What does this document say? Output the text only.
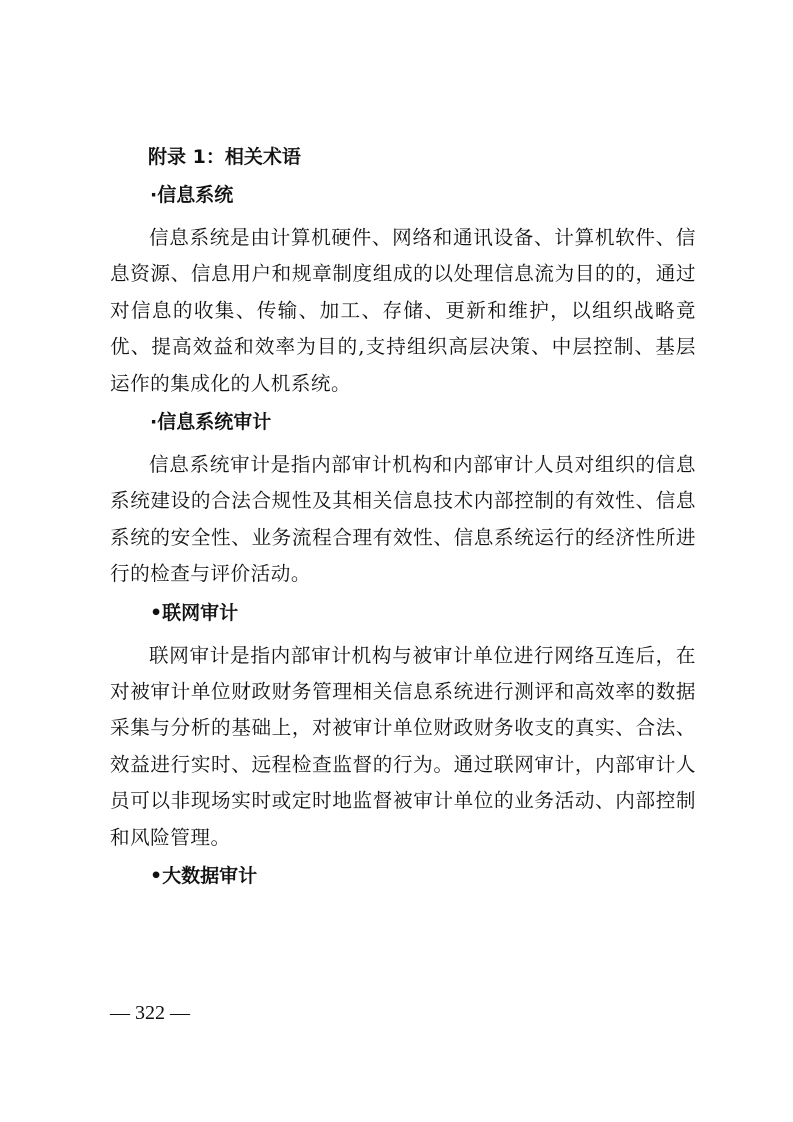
附录 1：相关术语
·信息系统

信息系统是由计算机硬件、网络和通讯设备、计算机软件、信息资源、信息用户和规章制度组成的以处理信息流为目的的，通过对信息的收集、传输、加工、存储、更新和维护，以组织战略竟优、提高效益和效率为目的,支持组织高层决策、中层控制、基层运作的集成化的人机系统。

·信息系统审计

信息系统审计是指内部审计机构和内部审计人员对组织的信息系统建设的合法合规性及其相关信息技术内部控制的有效性、信息系统的安全性、业务流程合理有效性、信息系统运行的经济性所进行的检查与评价活动。

•联网审计

联网审计是指内部审计机构与被审计单位进行网络互连后，在对被审计单位财政财务管理相关信息系统进行测评和高效率的数据采集与分析的基础上，对被审计单位财政财务收支的真实、合法、效益进行实时、远程检查监督的行为。通过联网审计，内部审计人员可以非现场实时或定时地监督被审计单位的业务活动、内部控制和风险管理。

•大数据审计
— 322 —
